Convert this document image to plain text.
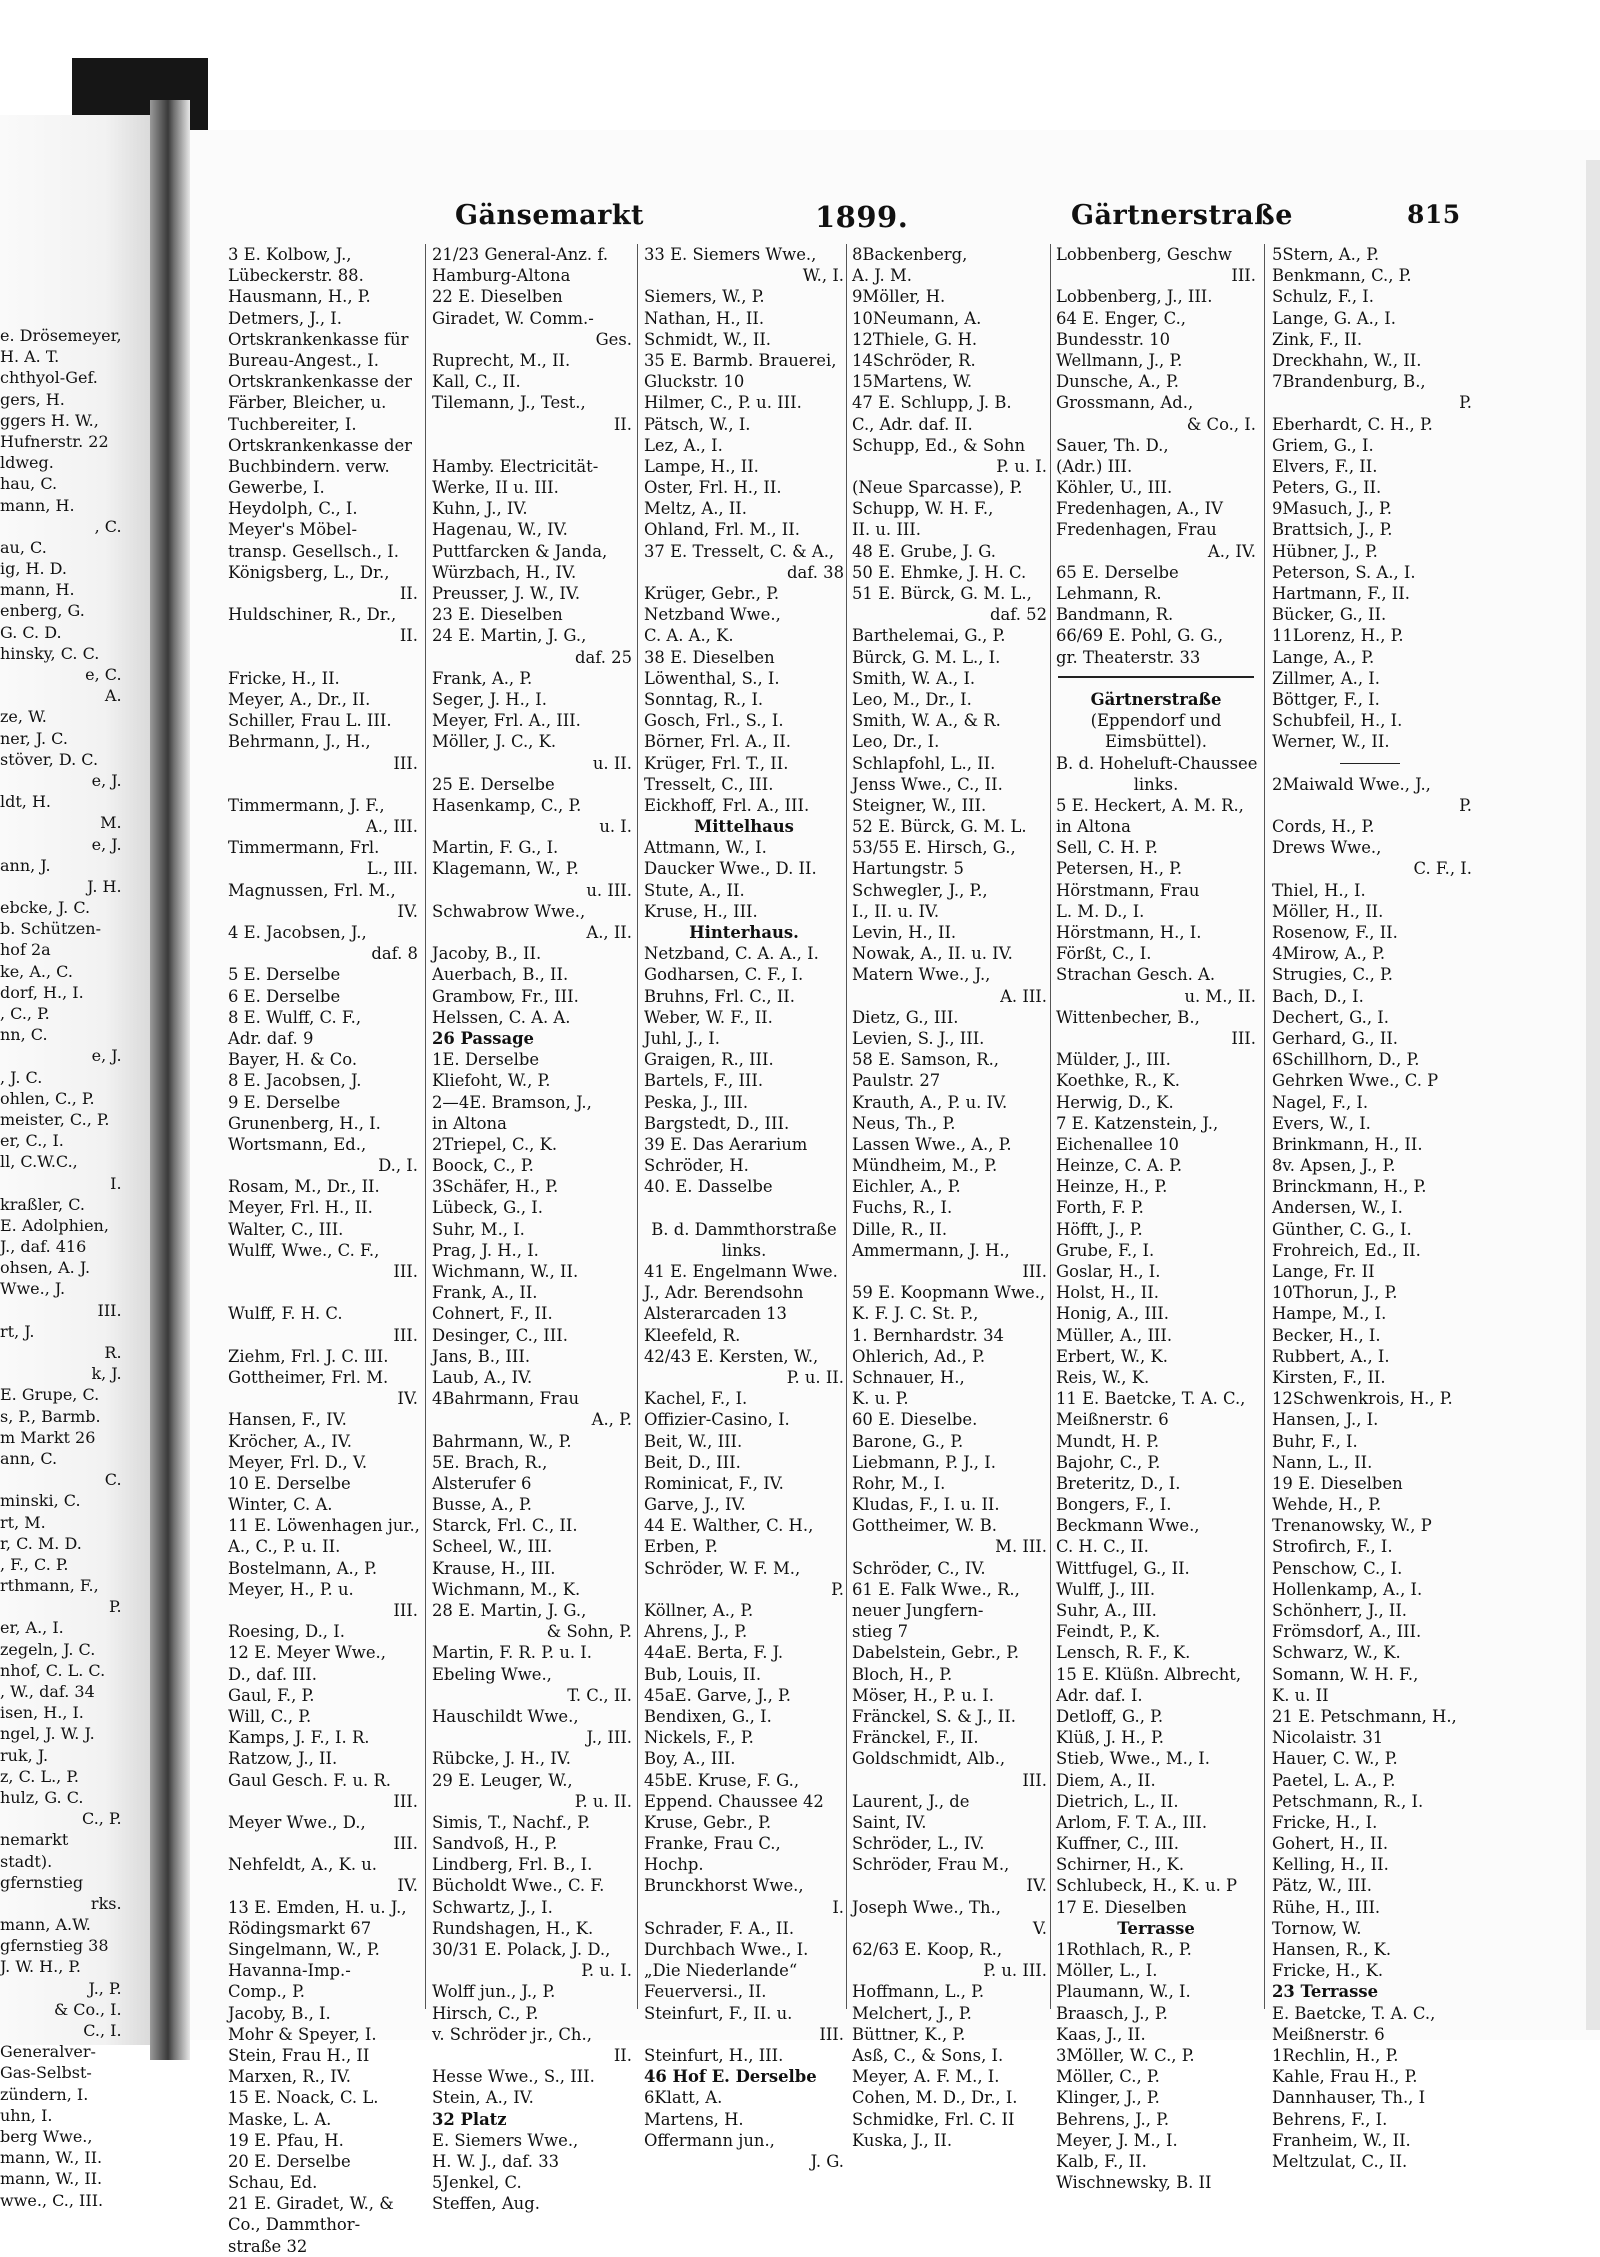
e. Drösemeyer,
H. A. T.
chthyol-Gef.
gers, H.
ggers H. W.,
Hufnerstr. 22
ldweg.
hau, C.
mann, H.
, C.
au, C.
ig, H. D.
mann, H.
enberg, G.
G. C. D.
hinsky, C. C.
e, C.
A.
ze, W.
ner, J. C.
stöver, D. C.
e, J.
ldt, H.
M.
e, J.
ann, J.
J. H.
ebcke, J. C.
b. Schützen-
hof 2a
ke, A., C.
dorf, H., I.
, C., P.
nn, C.
e, J.
, J. C.
ohlen, C., P.
meister, C., P.
er, C., I.
ll, C.W.C.,
I.
kraßler, C.
E. Adolphien,
J., daf. 416
ohsen, A. J.
Wwe., J.
III.
rt, J.
R.
k, J.
E. Grupe, C.
s, P., Barmb.
m Markt 26
ann, C.
C.
minski, C.
rt, M.
r, C. M. D.
, F., C. P.
rthmann, F.,
P.
er, A., I.
zegeln, J. C.
nhof, C. L. C.
, W., daf. 34
isen, H., I.
ngel, J. W. J.
ruk, J.
z, C. L., P.
hulz, G. C.
C., P.
nemarkt
stadt).
gfernstieg
rks.
mann, A.W.
gfernstieg 38
J. W. H., P.
J., P.
& Co., I.
C., I.
Generalver-
Gas-Selbst-
zündern, I.
uhn, I.
berg Wwe.,
mann, W., II.
mann, W., II.
wwe., C., III.
Gänsemarkt	1899.	Gärtnerstraße	815
3 E. Kolbow, J.,
Lübeckerstr. 88.
Hausmann, H., P.
Detmers, J., I.
Ortskrankenkasse für
Bureau-Angest., I.
Ortskrankenkasse der
Färber, Bleicher, u.
Tuchbereiter, I.
Ortskrankenkasse der
Buchbindern. verw.
Gewerbe, I.
Heydolph, C., I.
Meyer's Möbel-
transp. Gesellsch., I.
Königsberg, L., Dr.,
II.
Huldschiner, R., Dr.,
II.
Fricke, H., II.
Meyer, A., Dr., II.
Schiller, Frau L. III.
Behrmann, J., H.,
III.
Timmermann, J. F.,
A., III.
Timmermann, Frl.
L., III.
Magnussen, Frl. M.,
IV.
4 E. Jacobsen, J.,
daf. 8
5 E. Derselbe
6 E. Derselbe
8 E. Wulff, C. F.,
Adr. daf. 9
Bayer, H. & Co.
8 E. Jacobsen, J.
9 E. Derselbe
Grunenberg, H., I.
Wortsmann, Ed.,
D., I.
Rosam, M., Dr., II.
Meyer, Frl. H., II.
Walter, C., III.
Wulff, Wwe., C. F.,
III.
Wulff, F. H. C.
III.
Ziehm, Frl. J. C. III.
Gottheimer, Frl. M.
IV.
Hansen, F., IV.
Kröcher, A., IV.
Meyer, Frl. D., V.
10 E. Derselbe
Winter, C. A.
11 E. Löwenhagen jur.,
A., C., P. u. II.
Bostelmann, A., P.
Meyer, H., P. u.
III.
Roesing, D., I.
12 E. Meyer Wwe.,
D., daf. III.
Gaul, F., P.
Will, C., P.
Kamps, J. F., I. R.
Ratzow, J., II.
Gaul Gesch. F. u. R.
III.
Meyer Wwe., D.,
III.
Nehfeldt, A., K. u.
IV.
13 E. Emden, H. u. J.,
Rödingsmarkt 67
Singelmann, W., P.
Havanna-Imp.-
Comp., P.
Jacoby, B., I.
Mohr & Speyer, I.
Stein, Frau H., II
Marxen, R., IV.
15 E. Noack, C. L.
Maske, L. A.
19 E. Pfau, H.
20 E. Derselbe
Schau, Ed.
21 E. Giradet, W., &
Co., Dammthor-
straße 32
21/23 General-Anz. f.
Hamburg-Altona
22 E. Dieselben
Giradet, W. Comm.-
Ges.
Ruprecht, M., II.
Kall, C., II.
Tilemann, J., Test.,
II.
Hamby. Electricität-
Werke, II u. III.
Kuhn, J., IV.
Hagenau, W., IV.
Puttfarcken & Janda,
Würzbach, H., IV.
Preusser, J. W., IV.
23 E. Dieselben
24 E. Martin, J. G.,
daf. 25
Frank, A., P.
Seger, J. H., I.
Meyer, Frl. A., III.
Möller, J. C., K.
u. II.
25 E. Derselbe
Hasenkamp, C., P.
u. I.
Martin, F. G., I.
Klagemann, W., P.
u. III.
Schwabrow Wwe.,
A., II.
Jacoby, B., II.
Auerbach, B., II.
Grambow, Fr., III.
Helssen, C. A. A.
26 Passage
1E. Derselbe
Kliefoht, W., P.
2—4E. Bramson, J.,
in Altona
2Triepel, C., K.
Boock, C., P.
3Schäfer, H., P.
Lübeck, G., I.
Suhr, M., I.
Prag, J. H., I.
Wichmann, W., II.
Frank, A., II.
Cohnert, F., II.
Desinger, C., III.
Jans, B., III.
Laub, A., IV.
4Bahrmann, Frau
A., P.
Bahrmann, W., P.
5E. Brach, R.,
Alsterufer 6
Busse, A., P.
Starck, Frl. C., II.
Scheel, W., III.
Krause, H., III.
Wichmann, M., K.
28 E. Martin, J. G.,
& Sohn, P.
Martin, F. R. P. u. I.
Ebeling Wwe.,
T. C., II.
Hauschildt Wwe.,
J., III.
Rübcke, J. H., IV.
29 E. Leuger, W.,
P. u. II.
Simis, T., Nachf., P.
Sandvoß, H., P.
Lindberg, Frl. B., I.
Bücholdt Wwe., C. F.
Schwartz, J., I.
Rundshagen, H., K.
30/31 E. Polack, J. D.,
P. u. I.
Wolff jun., J., P.
Hirsch, C., P.
v. Schröder jr., Ch.,
II.
Hesse Wwe., S., III.
Stein, A., IV.
32 Platz
E. Siemers Wwe.,
H. W. J., daf. 33
5Jenkel, C.
Steffen, Aug.
33 E. Siemers Wwe.,
W., I.
Siemers, W., P.
Nathan, H., II.
Schmidt, W., II.
35 E. Barmb. Brauerei,
Gluckstr. 10
Hilmer, C., P. u. III.
Pätsch, W., I.
Lez, A., I.
Lampe, H., II.
Oster, Frl. H., II.
Meltz, A., II.
Ohland, Frl. M., II.
37 E. Tresselt, C. & A.,
daf. 38
Krüger, Gebr., P.
Netzband Wwe.,
C. A. A., K.
38 E. Dieselben
Löwenthal, S., I.
Sonntag, R., I.
Gosch, Frl., S., I.
Börner, Frl. A., II.
Krüger, Frl. T., II.
Tresselt, C., III.
Eickhoff, Frl. A., III.
Mittelhaus
Attmann, W., I.
Daucker Wwe., D. II.
Stute, A., II.
Kruse, H., III.
Hinterhaus.
Netzband, C. A. A., I.
Godharsen, C. F., I.
Bruhns, Frl. C., II.
Weber, W. F., II.
Juhl, J., I.
Graigen, R., III.
Bartels, F., III.
Peska, J., III.
Bargstedt, D., III.
39 E. Das Aerarium
Schröder, H.
40. E. Dasselbe
B. d. Dammthorstraße
links.
41 E. Engelmann Wwe.
J., Adr. Berendsohn
Alsterarcaden 13
Kleefeld, R.
42/43 E. Kersten, W.,
P. u. II.
Kachel, F., I.
Offizier-Casino, I.
Beit, W., III.
Beit, D., III.
Rominicat, F., IV.
Garve, J., IV.
44 E. Walther, C. H.,
Erben, P.
Schröder, W. F. M.,
P.
Köllner, A., P.
Ahrens, J., P.
44aE. Berta, F. J.
Bub, Louis, II.
45aE. Garve, J., P.
Bendixen, G., I.
Nickels, F., P.
Boy, A., III.
45bE. Kruse, F. G.,
Eppend. Chaussee 42
Kruse, Gebr., P.
Franke, Frau C.,
Hochp.
Brunckhorst Wwe.,
I.
Schrader, F. A., II.
Durchbach Wwe., I.
„Die Niederlande“
Feuerversi., II.
Steinfurt, F., II. u.
III.
Steinfurt, H., III.
46 Hof E. Derselbe
6Klatt, A.
Martens, H.
Offermann jun.,
J. G.
8Backenberg,
A. J. M.
9Möller, H.
10Neumann, A.
12Thiele, G. H.
14Schröder, R.
15Martens, W.
47 E. Schlupp, J. B.
C., Adr. daf. II.
Schupp, Ed., & Sohn
P. u. I.
(Neue Sparcasse), P.
Schupp, W. H. F.,
II. u. III.
48 E. Grube, J. G.
50 E. Ehmke, J. H. C.
51 E. Bürck, G. M. L.,
daf. 52
Barthelemai, G., P.
Bürck, G. M. L., I.
Smith, W. A., I.
Leo, M., Dr., I.
Smith, W. A., & R.
Leo, Dr., I.
Schlapfohl, L., II.
Jenss Wwe., C., II.
Steigner, W., III.
52 E. Bürck, G. M. L.
53/55 E. Hirsch, G.,
Hartungstr. 5
Schwegler, J., P.,
I., II. u. IV.
Levin, H., II.
Nowak, A., II. u. IV.
Matern Wwe., J.,
A. III.
Dietz, G., III.
Levien, S. J., III.
58 E. Samson, R.,
Paulstr. 27
Krauth, A., P. u. IV.
Neus, Th., P.
Lassen Wwe., A., P.
Mündheim, M., P.
Eichler, A., P.
Fuchs, R., I.
Dille, R., II.
Ammermann, J. H.,
III.
59 E. Koopmann Wwe.,
K. F. J. C. St. P.,
1. Bernhardstr. 34
Ohlerich, Ad., P.
Schnauer, H.,
K. u. P.
60 E. Dieselbe.
Barone, G., P.
Liebmann, P. J., I.
Rohr, M., I.
Kludas, F., I. u. II.
Gottheimer, W. B.
M. III.
Schröder, C., IV.
61 E. Falk Wwe., R.,
neuer Jungfern-
stieg 7
Dabelstein, Gebr., P.
Bloch, H., P.
Möser, H., P. u. I.
Fränckel, S. & J., II.
Fränckel, F., II.
Goldschmidt, Alb.,
III.
Laurent, J., de
Saint, IV.
Schröder, L., IV.
Schröder, Frau M.,
IV.
Joseph Wwe., Th.,
V.
62/63 E. Koop, R.,
P. u. III.
Hoffmann, L., P.
Melchert, J., P.
Büttner, K., P.
Asß, C., & Sons, I.
Meyer, A. F. M., I.
Cohen, M. D., Dr., I.
Schmidke, Frl. C. II
Kuska, J., II.
Lobbenberg, Geschw
III.
Lobbenberg, J., III.
64 E. Enger, C.,
Bundesstr. 10
Wellmann, J., P.
Dunsche, A., P.
Grossmann, Ad.,
& Co., I.
Sauer, Th. D.,
(Adr.) III.
Köhler, U., III.
Fredenhagen, A., IV
Fredenhagen, Frau
A., IV.
65 E. Derselbe
Lehmann, R.
Bandmann, R.
66/69 E. Pohl, G. G.,
gr. Theaterstr. 33
Gärtnerstraße
(Eppendorf und
Eimsbüttel).
B. d. Hoheluft-Chaussee
links.
5 E. Heckert, A. M. R.,
in Altona
Sell, C. H. P.
Petersen, H., P.
Hörstmann, Frau
L. M. D., I.
Hörstmann, H., I.
Förßt, C., I.
Strachan Gesch. A.
u. M., II.
Wittenbecher, B.,
III.
Mülder, J., III.
Koethke, R., K.
Herwig, D., K.
7 E. Katzenstein, J.,
Eichenallee 10
Heinze, C. A. P.
Heinze, H., P.
Forth, F. P.
Höfft, J., P.
Grube, F., I.
Goslar, H., I.
Holst, H., II.
Honig, A., III.
Müller, A., III.
Erbert, W., K.
Reis, W., K.
11 E. Baetcke, T. A. C.,
Meißnerstr. 6
Mundt, H. P.
Bajohr, C., P.
Breteritz, D., I.
Bongers, F., I.
Beckmann Wwe.,
C. H. C., II.
Wittfugel, G., II.
Wulff, J., III.
Suhr, A., III.
Feindt, P., K.
Lensch, R. F., K.
15 E. Klüßn. Albrecht,
Adr. daf. I.
Detloff, G., P.
Klüß, J. H., P.
Stieb, Wwe., M., I.
Diem, A., II.
Dietrich, L., II.
Arlom, F. T. A., III.
Kuffner, C., III.
Schirner, H., K.
Schlubeck, H., K. u. P
17 E. Dieselben
Terrasse
1Rothlach, R., P.
Möller, L., I.
Plaumann, W., I.
Braasch, J., P.
Kaas, J., II.
3Möller, W. C., P.
Möller, C., P.
Klinger, J., P.
Behrens, J., P.
Meyer, J. M., I.
Kalb, F., II.
Wischnewsky, B. II
5Stern, A., P.
Benkmann, C., P.
Schulz, F., I.
Lange, G. A., I.
Zink, F., II.
Dreckhahn, W., II.
7Brandenburg, B.,
P.
Eberhardt, C. H., P.
Griem, G., I.
Elvers, F., II.
Peters, G., II.
9Masuch, J., P.
Brattsich, J., P.
Hübner, J., P.
Peterson, S. A., I.
Hartmann, F., II.
Bücker, G., II.
11Lorenz, H., P.
Lange, A., P.
Zillmer, A., I.
Böttger, F., I.
Schubfeil, H., I.
Werner, W., II.
2Maiwald Wwe., J.,
P.
Cords, H., P.
Drews Wwe.,
C. F., I.
Thiel, H., I.
Möller, H., II.
Rosenow, F., II.
4Mirow, A., P.
Strugies, C., P.
Bach, D., I.
Dechert, G., I.
Gerhard, G., II.
6Schillhorn, D., P.
Gehrken Wwe., C. P
Nagel, F., I.
Evers, W., I.
Brinkmann, H., II.
8v. Apsen, J., P.
Brinckmann, H., P.
Andersen, W., I.
Günther, C. G., I.
Frohreich, Ed., II.
Lange, Fr. II
10Thorun, J., P.
Hampe, M., I.
Becker, H., I.
Rubbert, A., I.
Kirsten, F., II.
12Schwenkrois, H., P.
Hansen, J., I.
Buhr, F., I.
Nann, L., II.
19 E. Dieselben
Wehde, H., P.
Trenanowsky, W., P
Strofirch, F., I.
Penschow, C., I.
Hollenkamp, A., I.
Schönherr, J., II.
Frömsdorf, A., III.
Schwarz, W., K.
Somann, W. H. F.,
K. u. II
21 E. Petschmann, H.,
Nicolaistr. 31
Hauer, C. W., P.
Paetel, L. A., P.
Petschmann, R., I.
Fricke, H., I.
Gohert, H., II.
Kelling, H., II.
Pätz, W., III.
Rühe, H., III.
Tornow, W.
Hansen, R., K.
Fricke, H., K.
23 Terrasse
E. Baetcke, T. A. C.,
Meißnerstr. 6
1Rechlin, H., P.
Kahle, Frau H., P.
Dannhauser, Th., I
Behrens, F., I.
Franheim, W., II.
Meltzulat, C., II.
